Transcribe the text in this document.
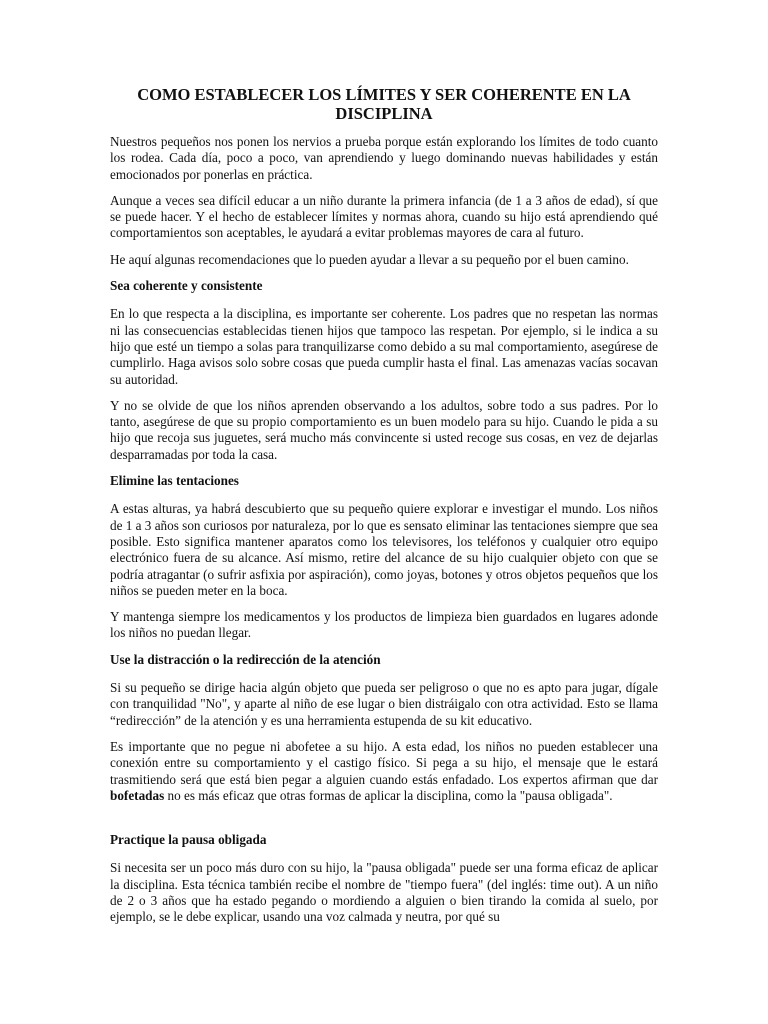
COMO ESTABLECER LOS LÍMITES Y SER COHERENTE EN LA DISCIPLINA

Nuestros pequeños nos ponen los nervios a prueba porque están explorando los límites de todo cuanto los rodea. Cada día, poco a poco, van aprendiendo y luego dominando nuevas habilidades y están emocionados por ponerlas en práctica.

Aunque a veces sea difícil educar a un niño durante la primera infancia (de 1 a 3 años de edad), sí que se puede hacer. Y el hecho de establecer límites y normas ahora, cuando su hijo está aprendiendo qué comportamientos son aceptables, le ayudará a evitar problemas mayores de cara al futuro.

He aquí algunas recomendaciones que lo pueden ayudar a llevar a su pequeño por el buen camino.

Sea coherente y consistente

En lo que respecta a la disciplina, es importante ser coherente. Los padres que no respetan las normas ni las consecuencias establecidas tienen hijos que tampoco las respetan. Por ejemplo, si le indica a su hijo que esté un tiempo a solas para tranquilizarse como debido a su mal comportamiento, asegúrese de cumplirlo. Haga avisos solo sobre cosas que pueda cumplir hasta el final. Las amenazas vacías socavan su autoridad.

Y no se olvide de que los niños aprenden observando a los adultos, sobre todo a sus padres. Por lo tanto, asegúrese de que su propio comportamiento es un buen modelo para su hijo. Cuando le pida a su hijo que recoja sus juguetes, será mucho más convincente si usted recoge sus cosas, en vez de dejarlas desparramadas por toda la casa.

Elimine las tentaciones

A estas alturas, ya habrá descubierto que su pequeño quiere explorar e investigar el mundo. Los niños de 1 a 3 años son curiosos por naturaleza, por lo que es sensato eliminar las tentaciones siempre que sea posible. Esto significa mantener aparatos como los televisores, los teléfonos y cualquier otro equipo electrónico fuera de su alcance. Así mismo, retire del alcance de su hijo cualquier objeto con que se podría atragantar (o sufrir asfixia por aspiración), como joyas, botones y otros objetos pequeños que los niños se pueden meter en la boca.

Y mantenga siempre los medicamentos y los productos de limpieza bien guardados en lugares adonde los niños no puedan llegar.

Use la distracción o la redirección de la atención

Si su pequeño se dirige hacia algún objeto que pueda ser peligroso o que no es apto para jugar, dígale con tranquilidad "No", y aparte al niño de ese lugar o bien distráigalo con otra actividad. Esto se llama “redirección” de la atención y es una herramienta estupenda de su kit educativo.

Es importante que no pegue ni abofetee a su hijo. A esta edad, los niños no pueden establecer una conexión entre su comportamiento y el castigo físico. Si pega a su hijo, el mensaje que le estará trasmitiendo será que está bien pegar a alguien cuando estás enfadado. Los expertos afirman que dar bofetadas no es más eficaz que otras formas de aplicar la disciplina, como la "pausa obligada".

Practique la pausa obligada

Si necesita ser un poco más duro con su hijo, la "pausa obligada" puede ser una forma eficaz de aplicar la disciplina. Esta técnica también recibe el nombre de "tiempo fuera" (del inglés: time out). A un niño de 2 o 3 años que ha estado pegando o mordiendo a alguien o bien tirando la comida al suelo, por ejemplo, se le debe explicar, usando una voz calmada y neutra, por qué su
